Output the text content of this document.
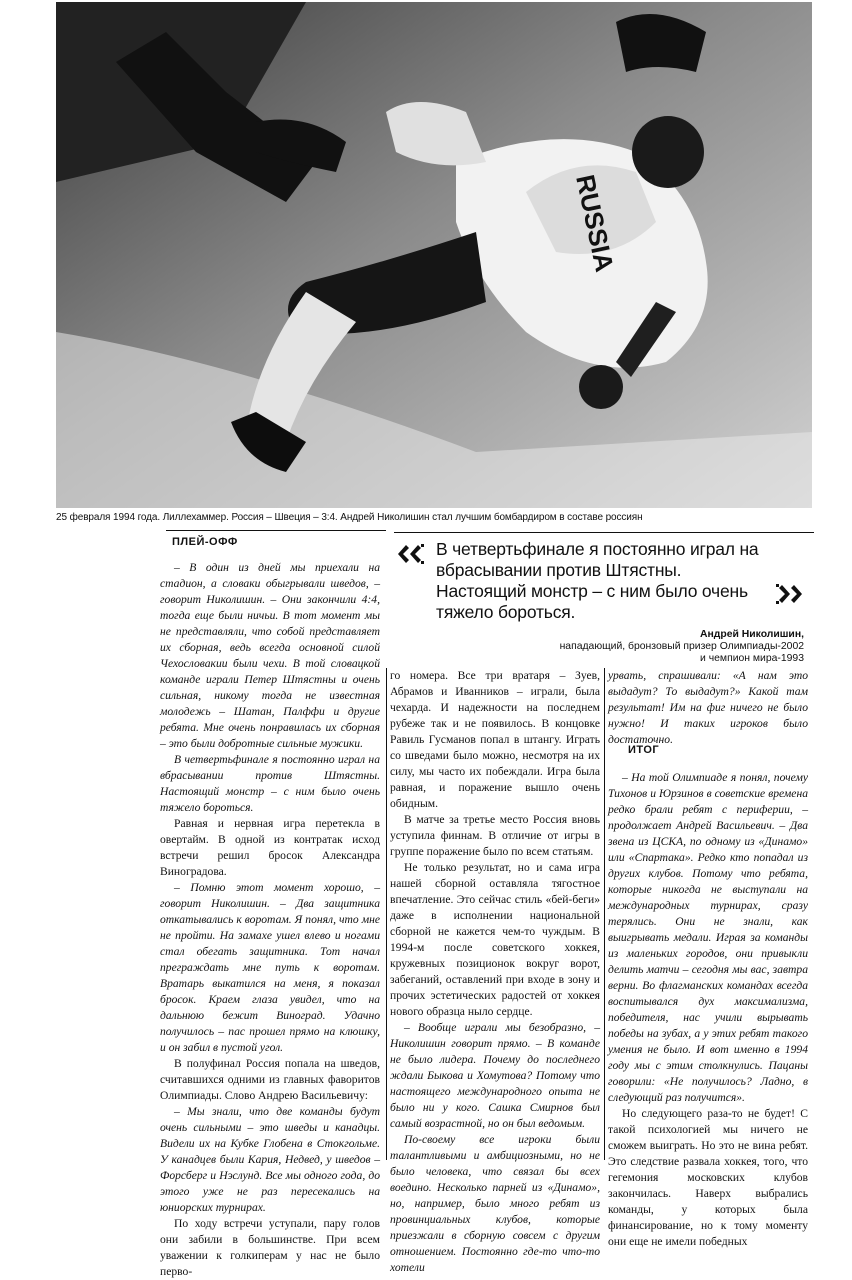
RUSSIA
25 февраля 1994 года. Лиллехаммер. Россия – Швеция – 3:4. Андрей Николишин стал лучшим бомбардиром в составе россиян
ПЛЕЙ-ОФФ	В четвертьфинале я постоянно играл на вбрасывании против Штястны. Настоящий монстр – с ним было очень тяжело бороться.
Андрей Николишин,
нападающий, бронзовый призер Олимпиады-2002
и чемпион мира-1993

– В один из дней мы приехали на стадион, а словаки обыгрывали шведов, – говорит Николишин. – Они закончили 4:4, тогда еще были ничьи. В тот момент мы не представляли, что собой представляет их сборная, ведь всегда основной силой Чехословакии были чехи. В той словацкой команде играли Петер Штястны и очень сильная, никому тогда не известная молодежь – Шатан, Палффи и другие ребята. Мне очень понравилась их сборная – это были добротные сильные мужики.

В четвертьфинале я постоянно играл на вбрасывании против Штястны. Настоящий монстр – с ним было очень тяжело бороться.

Равная и нервная игра перетекла в овертайм. В одной из контратак исход встречи решил бросок Александра Виноградова.

– Помню этот момент хорошо, – говорит Николишин. – Два защитника откатывались к воротам. Я понял, что мне не пройти. На замахе ушел влево и ногами стал обегать защитника. Тот начал преграждать мне путь к воротам. Вратарь выкатился на меня, я показал бросок. Краем глаза увидел, что на дальнюю бежит Виноград. Удачно получилось – пас прошел прямо на клюшку, и он забил в пустой угол.

В полуфинал Россия попала на шведов, считавшихся одними из главных фаворитов Олимпиады. Слово Андрею Васильевичу:

– Мы знали, что две команды будут очень сильными – это шведы и канадцы. Видели их на Кубке Глобена в Стокгольме. У канадцев были Кария, Недвед, у шведов – Форсберг и Нэслунд. Все мы одного года, до этого уже не раз пересекались на юниорских турнирах.

По ходу встречи уступали, пару голов они забили в большинстве. При всем уважении к голкиперам у нас не было перво-

го номера. Все три вратаря – Зуев, Абрамов и Иванников – играли, была чехарда. И надежности на последнем рубеже так и не появилось. В концовке Равиль Гусманов попал в штангу. Играть со шведами было можно, несмотря на их силу, мы часто их побеждали. Игра была равная, и поражение вышло очень обидным.

В матче за третье место Россия вновь уступила финнам. В отличие от игры в группе поражение было по всем статьям.

Не только результат, но и сама игра нашей сборной оставляла тягостное впечатление. Это сейчас стиль «бей-беги» даже в исполнении национальной сборной не кажется чем-то чуждым. В 1994-м после советского хоккея, кружевных позиционок вокруг ворот, забеганий, оставлений при входе в зону и прочих эстетических радостей от хоккея нового образца ныло сердце.

– Вообще играли мы безобразно, – Николишин говорит прямо. – В команде не было лидера. Почему до последнего ждали Быкова и Хомутова? Потому что настоящего международного опыта не было ни у кого. Сашка Смирнов был самый возрастной, но он был ведомым.

По-своему все игроки были талантливыми и амбициозными, но не было человека, что связал бы всех воедино. Несколько парней из «Динамо», но, например, было много ребят из провинциальных клубов, которые приезжали в сборную совсем с другим отношением. Постоянно где-то что-то хотели

урвать, спрашивали: «А нам это выдадут? То выдадут?» Какой там результат! Им на фиг ничего не было нужно! И таких игроков было достаточно.

ИТОГ

– На той Олимпиаде я понял, почему Тихонов и Юрзинов в советские времена редко брали ребят с периферии, – продолжает Андрей Васильевич. – Два звена из ЦСКА, по одному из «Динамо» или «Спартака». Редко кто попадал из других клубов. Потому что ребята, которые никогда не выступали на международных турнирах, сразу терялись. Они не знали, как выигрывать медали. Играя за команды из маленьких городов, они привыкли делить матчи – сегодня мы вас, завтра верни. Во флагманских командах всегда воспитывался дух максимализма, победителя, нас учили вырывать победы на зубах, а у этих ребят такого умения не было. И вот именно в 1994 году мы с этим столкнулись. Пацаны говорили: «Не получилось? Ладно, в следующий раз получится».

Но следующего раза-то не будет! С такой психологией мы ничего не сможем выиграть. Но это не вина ребят. Это следствие развала хоккея, того, что гегемония московских клубов закончилась. Наверх выбрались команды, у которых была финансирование, но к тому моменту они еще не имели победных
